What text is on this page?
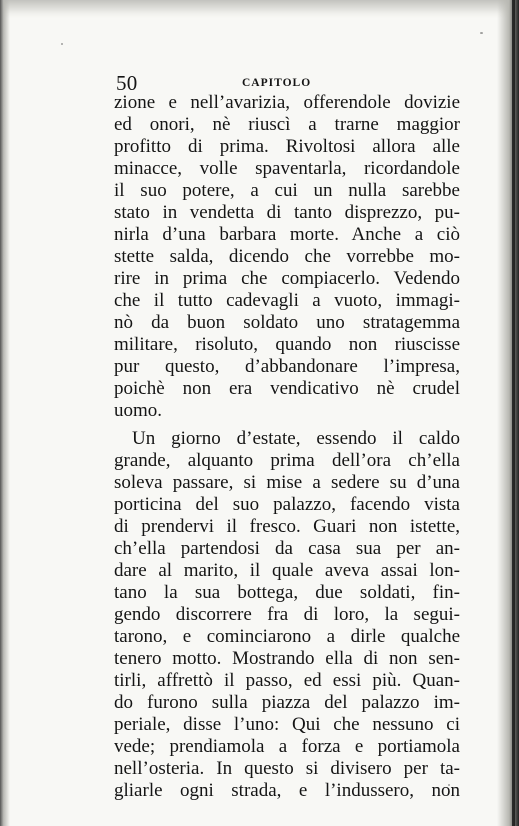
50	CAPITOLO
zione e nell’avarizia, offerendole dovizie
ed onori, nè riuscì a trarne maggior
profitto di prima. Rivoltosi allora alle
minacce, volle spaventarla, ricordandole
il suo potere, a cui un nulla sarebbe
stato in vendetta di tanto disprezzo, pu-
nirla d’una barbara morte. Anche a ciò
stette salda, dicendo che vorrebbe mo-
rire in prima che compiacerlo. Vedendo
che il tutto cadevagli a vuoto, immagi-
nò da buon soldato uno stratagemma
militare, risoluto, quando non riuscisse
pur questo, d’abbandonare l’impresa,
poichè non era vendicativo nè crudel
uomo.
Un giorno d’estate, essendo il caldo
grande, alquanto prima dell’ora ch’ella
soleva passare, si mise a sedere su d’una
porticina del suo palazzo, facendo vista
di prendervi il fresco. Guari non istette,
ch’ella partendosi da casa sua per an-
dare al marito, il quale aveva assai lon-
tano la sua bottega, due soldati, fin-
gendo discorrere fra di loro, la segui-
tarono, e cominciarono a dirle qualche
tenero motto. Mostrando ella di non sen-
tirli, affrettò il passo, ed essi più. Quan-
do furono sulla piazza del palazzo im-
periale, disse l’uno: Qui che nessuno ci
vede; prendiamola a forza e portiamola
nell’osteria. In questo si divisero per ta-
gliarle ogni strada, e l’indussero, non
